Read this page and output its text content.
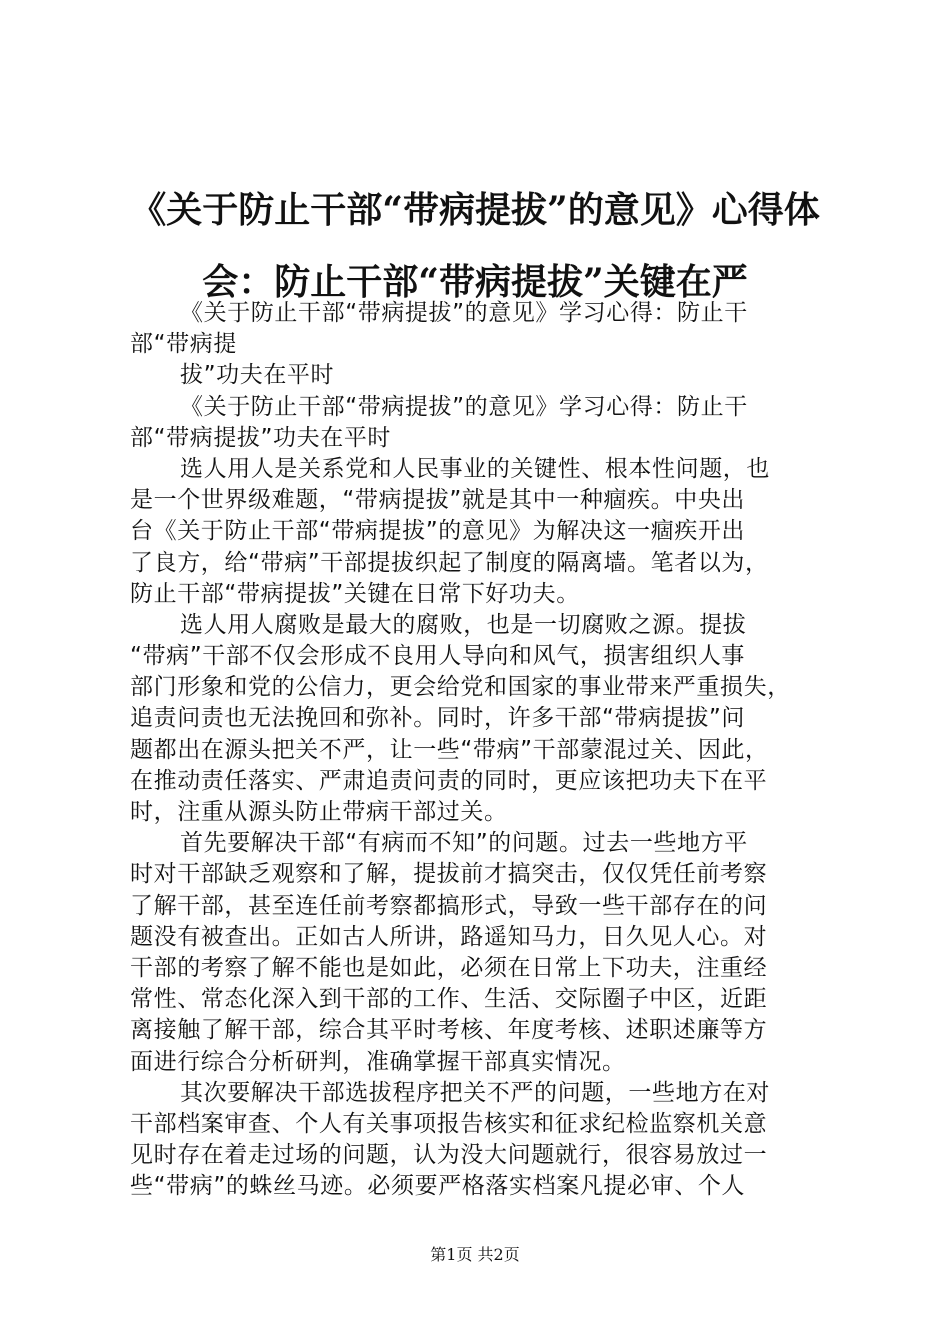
《关于防止干部“带病提拔”的意见》心得体
会：防止干部“带病提拔”关键在严
《关于防止干部“带病提拔”的意见》学习心得：防止干
部“带病提
拔”功夫在平时
《关于防止干部“带病提拔”的意见》学习心得：防止干
部“带病提拔”功夫在平时
选人用人是关系党和人民事业的关键性、根本性问题，也
是一个世界级难题，“带病提拔”就是其中一种痼疾。中央出
台《关于防止干部“带病提拔”的意见》为解决这一痼疾开出
了良方，给“带病”干部提拔织起了制度的隔离墙。笔者以为，
防止干部“带病提拔”关键在日常下好功夫。
选人用人腐败是最大的腐败，也是一切腐败之源。提拔
“带病”干部不仅会形成不良用人导向和风气，损害组织人事
部门形象和党的公信力，更会给党和国家的事业带来严重损失，
追责问责也无法挽回和弥补。同时，许多干部“带病提拔”问
题都出在源头把关不严，让一些“带病”干部蒙混过关、因此，
在推动责任落实、严肃追责问责的同时，更应该把功夫下在平
时，注重从源头防止带病干部过关。
首先要解决干部“有病而不知”的问题。过去一些地方平
时对干部缺乏观察和了解，提拔前才搞突击，仅仅凭任前考察
了解干部，甚至连任前考察都搞形式，导致一些干部存在的问
题没有被查出。正如古人所讲，路遥知马力，日久见人心。对
干部的考察了解不能也是如此，必须在日常上下功夫，注重经
常性、常态化深入到干部的工作、生活、交际圈子中区，近距
离接触了解干部，综合其平时考核、年度考核、述职述廉等方
面进行综合分析研判，准确掌握干部真实情况。
其次要解决干部选拔程序把关不严的问题，一些地方在对
干部档案审查、个人有关事项报告核实和征求纪检监察机关意
见时存在着走过场的问题，认为没大问题就行，很容易放过一
些“带病”的蛛丝马迹。必须要严格落实档案凡提必审、个人
第1页 共2页
